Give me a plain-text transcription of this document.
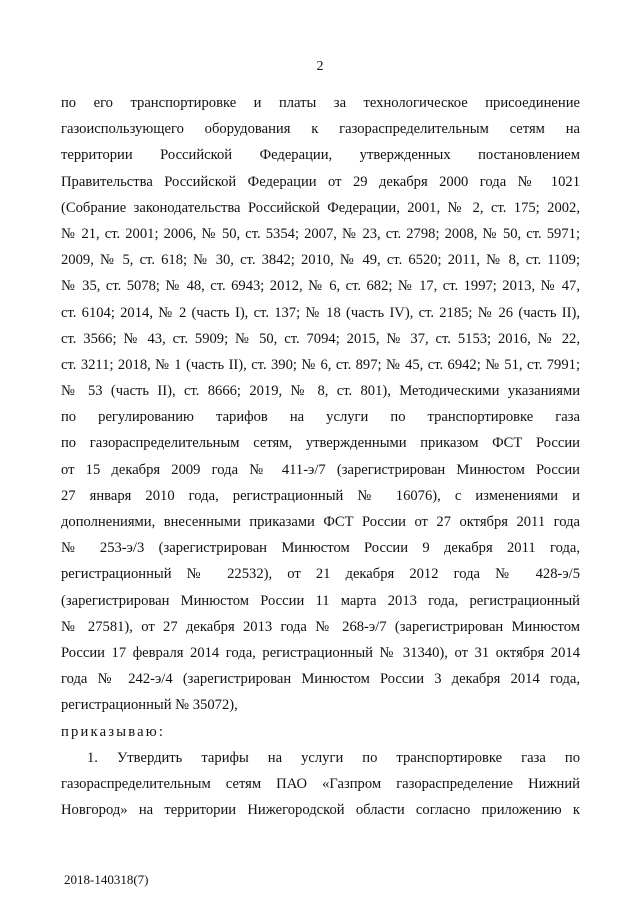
2
по его транспортировке и платы за технологическое присоединение
газоиспользующего оборудования к газораспределительным сетям на
территории Российской Федерации, утвержденных постановлением
Правительства Российской Федерации от 29 декабря 2000 года № 1021
(Собрание законодательства Российской Федерации, 2001, № 2, ст. 175; 2002,
№ 21, ст. 2001; 2006, № 50, ст. 5354; 2007, № 23, ст. 2798; 2008, № 50, ст. 5971;
2009, № 5, ст. 618; № 30, ст. 3842; 2010, № 49, ст. 6520; 2011, № 8, ст. 1109;
№ 35, ст. 5078; № 48, ст. 6943; 2012, № 6, ст. 682; № 17, ст. 1997; 2013, № 47,
ст. 6104; 2014, № 2 (часть I), ст. 137; № 18 (часть IV), ст. 2185; № 26 (часть II),
ст. 3566; № 43, ст. 5909; № 50, ст. 7094; 2015, № 37, ст. 5153; 2016, № 22,
ст. 3211; 2018, № 1 (часть II), ст. 390; № 6, ст. 897; № 45, ст. 6942; № 51, ст. 7991;
№ 53 (часть II), ст. 8666; 2019, № 8, ст. 801), Методическими указаниями
по регулированию тарифов на услуги по транспортировке газа
по газораспределительным сетям, утвержденными приказом ФСТ России
от 15 декабря 2009 года № 411-э/7 (зарегистрирован Минюстом России
27 января 2010 года, регистрационный № 16076), с изменениями и
дополнениями, внесенными приказами ФСТ России от 27 октября 2011 года
№ 253-э/3 (зарегистрирован Минюстом России 9 декабря 2011 года,
регистрационный № 22532), от 21 декабря 2012 года № 428-э/5
(зарегистрирован Минюстом России 11 марта 2013 года, регистрационный
№ 27581), от 27 декабря 2013 года № 268-э/7 (зарегистрирован Минюстом
России 17 февраля 2014 года, регистрационный № 31340), от 31 октября 2014
года № 242-э/4 (зарегистрирован Минюстом России 3 декабря 2014 года,
регистрационный № 35072),
приказываю:
1. Утвердить тарифы на услуги по транспортировке газа по
газораспределительным сетям ПАО «Газпром газораспределение Нижний
Новгород» на территории Нижегородской области согласно приложению к
2018-140318(7)
